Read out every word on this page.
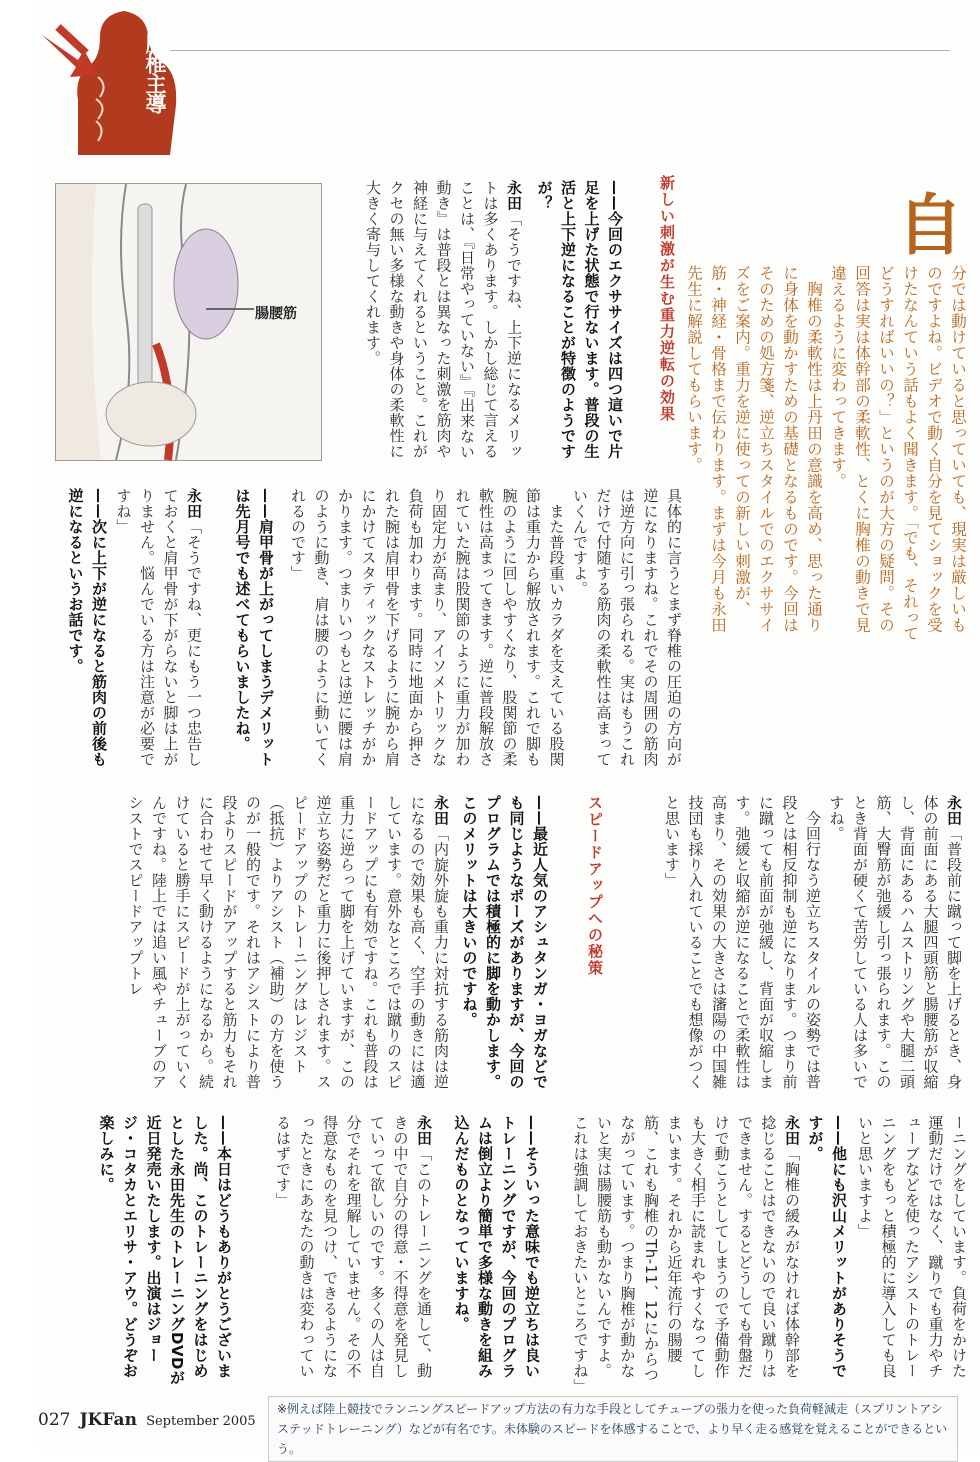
胸椎主導
自
分では動けていると思っていても、現実は厳しいものですよね。ビデオで動く自分を見てショックを受けたなんていう話もよく聞きます。「でも、それってどうすればいいの？」というのが大方の疑問。その回答は実は体幹部の柔軟性、とくに胸椎の動きで見違えるように変わってきます。
　胸椎の柔軟性は上丹田の意識を高め、思った通りに身体を動かすための基礎となるものです。今回はそのための処方箋、逆立ちスタイルでのエクササイズをご案内。重力を逆に使っての新しい刺激が、筋・神経・骨格まで伝わります。まずは今月も永田先生に解説してもらいます。
新しい刺激が生む重力逆転の効果
——今回のエクササイズは四つ這いで片足を上げた状態で行ないます。普段の生活と上下逆になることが特徴のようですが？
永田「そうですね、上下逆になるメリットは多くあります。しかし総じて言えることは、『日常やっていない』『出来ない動き』は普段とは異なった刺激を筋肉や神経に与えてくれるということ。これがクセの無い多様な動きや身体の柔軟性に大きく寄与してくれます。
腸腰筋
具体的に言うとまず脊椎の圧迫の方向が逆になりますね。これでその周囲の筋肉は逆方向に引っ張られる。実はもうこれだけで付随する筋肉の柔軟性は高まっていくんですよ。
　また普段重いカラダを支えている股関節は重力から解放されます。これで脚も腕のように回しやすくなり、股関節の柔軟性は高まってきます。逆に普段解放されていた腕は股関節のように重力が加わり固定力が高まり、アイソメトリックな負荷も加わります。同時に地面から押された腕は肩甲骨を下げるように腕から肩にかけてスタティックなストレッチがかかります。つまりいつもとは逆に腰は肩のように動き、肩は腰のように動いてくれるのです」
——肩甲骨が上がってしまうデメリットは先月号でも述べてもらいましたね。
永田「そうですね、更にもう一つ忠告しておくと肩甲骨が下がらないと脚は上がりません。悩んでいる方は注意が必要ですね」
——次に上下が逆になると筋肉の前後も逆になるというお話です。
永田「普段前に蹴って脚を上げるとき、身体の前面にある大腿四頭筋と腸腰筋が収縮し、背面にあるハムストリングや大腿二頭筋、大臀筋が弛緩し引っ張られます。このとき背面が硬くて苦労している人は多いですね。
　今回行なう逆立ちスタイルの姿勢では普段とは相反抑制も逆になります。つまり前に蹴っても前面が弛緩し、背面が収縮します。弛緩と収縮が逆になることで柔軟性は高まり、その効果の大きさは瀋陽の中国雑技団も採り入れていることでも想像がつくと思います」
スピードアップへの秘策
——最近人気のアシュタンガ・ヨガなどでも同じようなポーズがありますが、今回のプログラムでは積極的に脚を動かします。このメリットは大きいのですね。
永田「内旋外旋も重力に対抗する筋肉は逆になるので効果も高く、空手の動きには適しています。意外なところでは蹴りのスピードアップにも有効ですね。これも普段は重力に逆らって脚を上げていますが、この逆立ち姿勢だと重力に後押しされます。スピードアップのトレーニングはレジスト（抵抗）よりアシスト（補助）の方を使うのが一般的です。それはアシストにより普段よりスピードがアップすると筋力もそれに合わせて早く動けるようになるから。続けていると勝手にスピードが上がっていくんですね。陸上では追い風やチューブのアシストでスピードアップトレ
ーニングをしています。負荷をかけた運動だけではなく、蹴りでも重力やチューブなどを使ったアシストのトレーニングをもっと積極的に導入しても良いと思いますよ」
——他にも沢山メリットがありそうですが。
永田「胸椎の緩みがなければ体幹部を捻じることはできないので良い蹴りはできません。するとどうしても骨盤だけで動こうとしてしまうので予備動作も大きく相手に読まれやすくなってしまいます。それから近年流行の腸腰筋、これも胸椎のTh-11、12にからつながっています。つまり胸椎が動かないと実は腸腰筋も動かないんですよ。これは強調しておきたいところですね」
——そういった意味でも逆立ちは良いトレーニングですが、今回のプログラムは倒立より簡単で多様な動きを組み込んだものとなっていますね。
永田「このトレーニングを通して、動きの中で自分の得意・不得意を発見していって欲しいのです。多くの人は自分でそれを理解していません。その不得意なものを見つけ、できるようになったときにあなたの動きは変わっているはずです」
——本日はどうもありがとうございました。尚、このトレーニングをはじめとした永田先生のトレーニングDVDが近日発売いたします。出演はジョージ・コタカとエリサ・アウ。どうぞお楽しみに。
※例えば陸上競技でランニングスピードアップ方法の有力な手段としてチューブの張力を使った負荷軽減走（スプリントアシステッドトレーニング）などが有名です。未体験のスピードを体感することで、より早く走る感覚を覚えることができるという。
027 JKFan September 2005
